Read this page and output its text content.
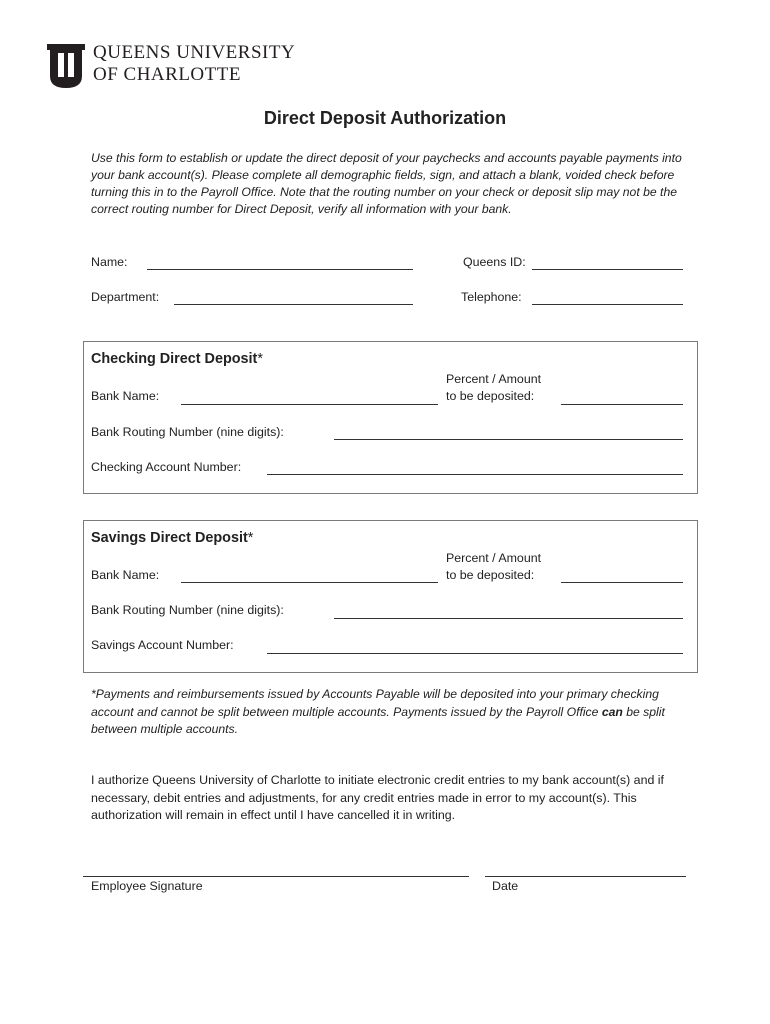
QUEENS UNIVERSITY
OF CHARLOTTE
Direct Deposit Authorization
Use this form to establish or update the direct deposit of your paychecks and accounts payable payments into your bank account(s). Please complete all demographic fields, sign, and attach a blank, voided check before turning this in to the Payroll Office. Note that the routing number on your check or deposit slip may not be the correct routing number for Direct Deposit, verify all information with your bank.
Name:	Queens ID:
Department:	Telephone:
Checking Direct Deposit*
Bank Name:
Percent / Amount
to be deposited:
Bank Routing Number (nine digits):
Checking Account Number:
Savings Direct Deposit*
Bank Name:
Percent / Amount
to be deposited:
Bank Routing Number (nine digits):
Savings Account Number:
*Payments and reimbursements issued by Accounts Payable will be deposited into your primary checking account and cannot be split between multiple accounts. Payments issued by the Payroll Office can be split between multiple accounts.
I authorize Queens University of Charlotte to initiate electronic credit entries to my bank account(s) and if necessary, debit entries and adjustments, for any credit entries made in error to my account(s). This authorization will remain in effect until I have cancelled it in writing.
Employee Signature	Date
